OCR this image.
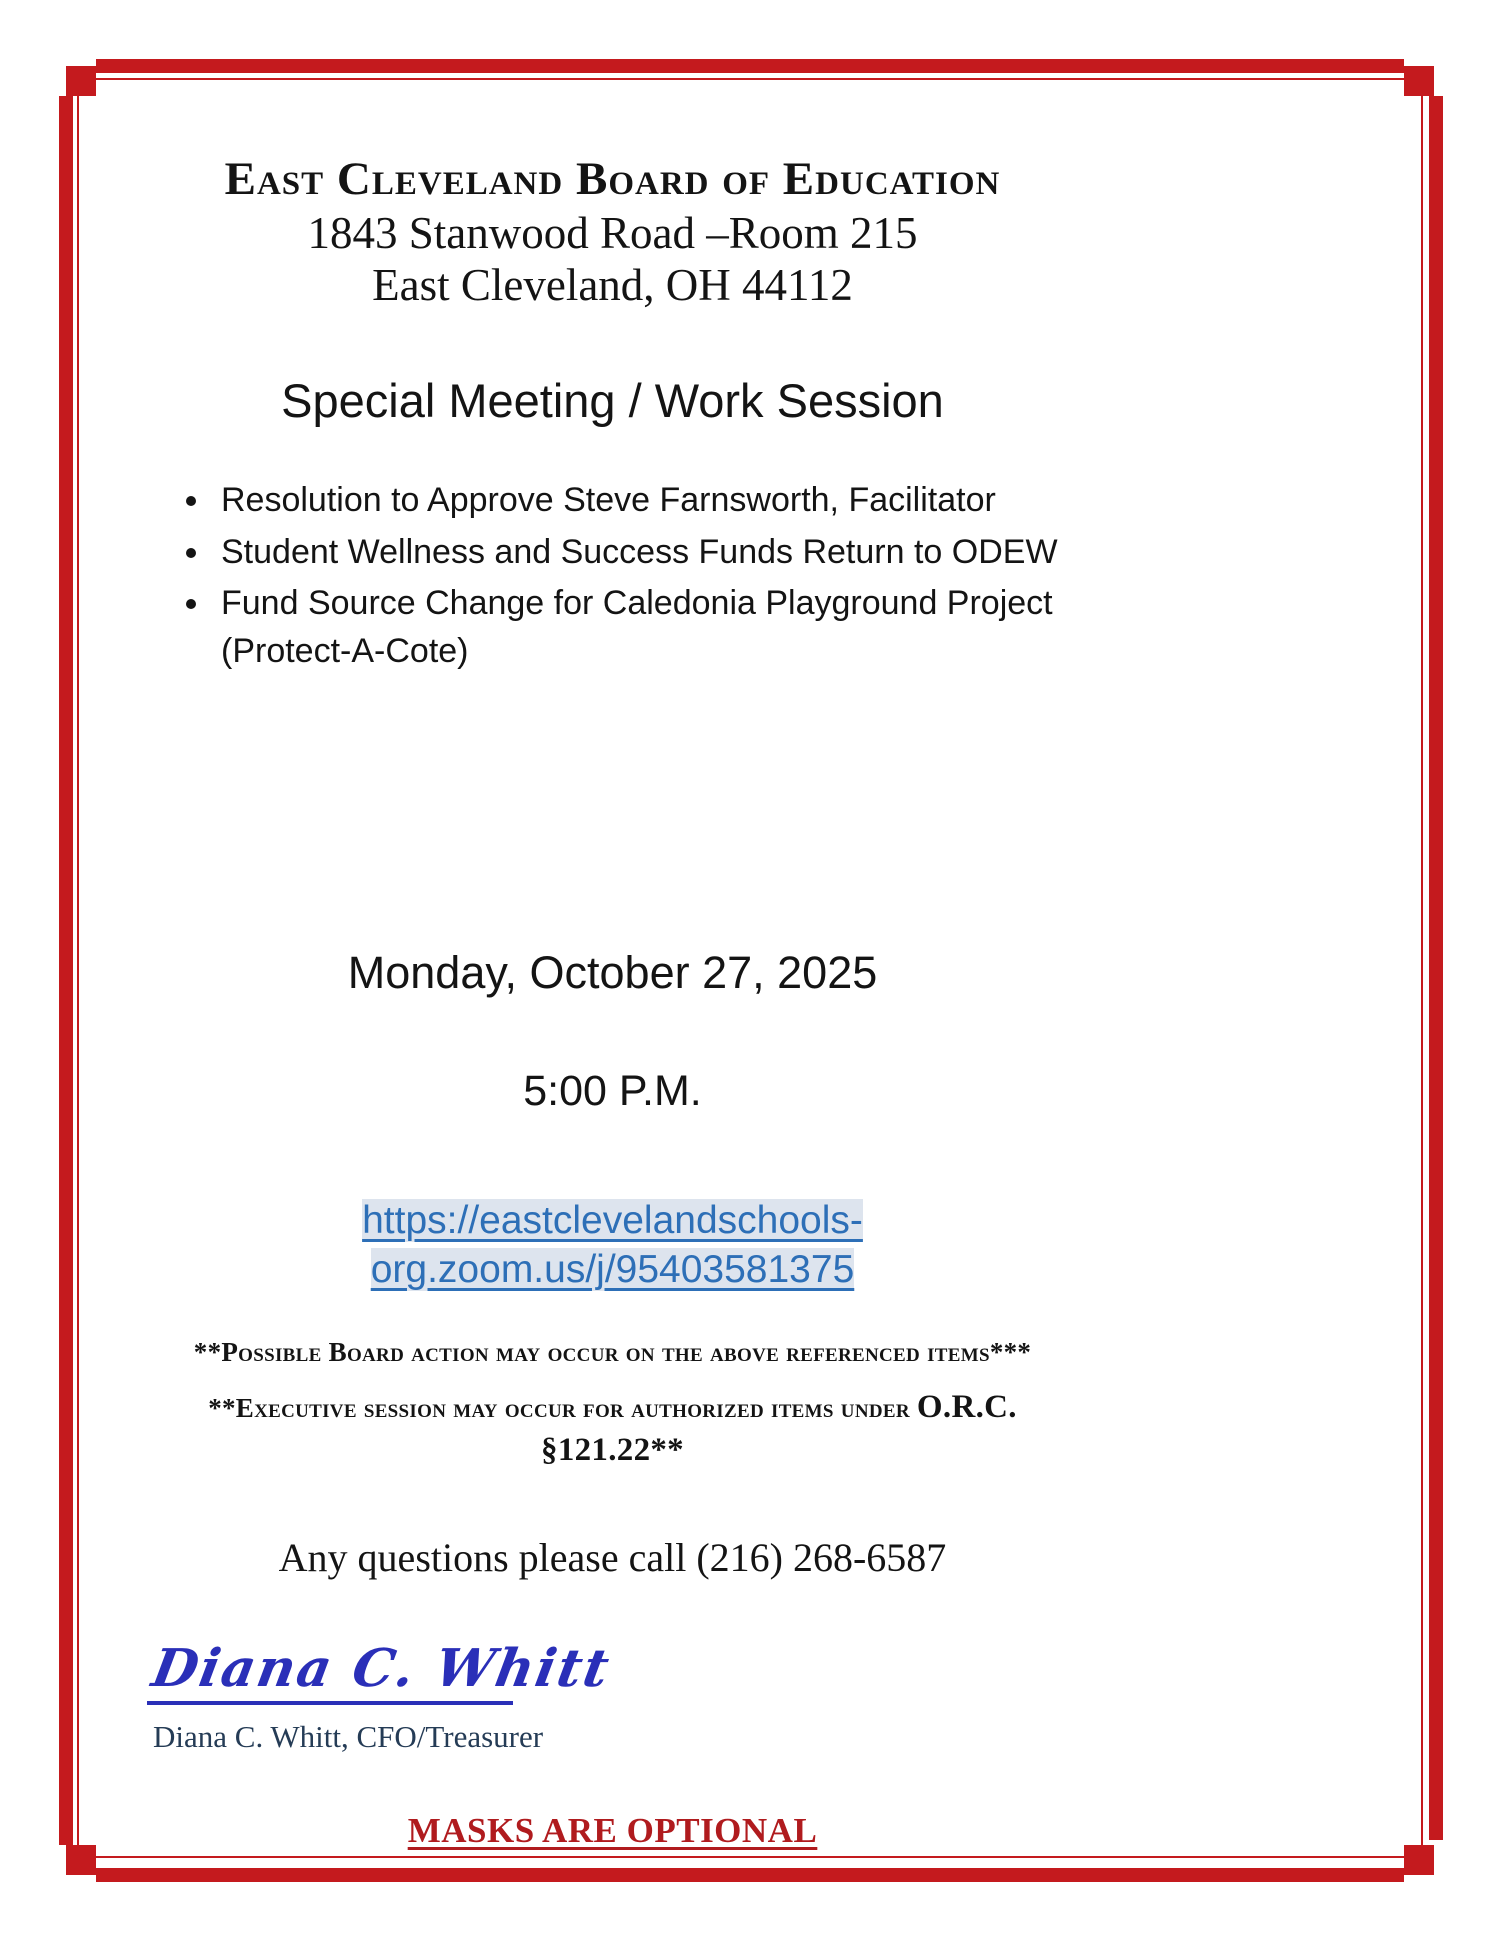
East Cleveland Board of Education
1843 Stanwood Road –Room 215
East Cleveland, OH 44112
Special Meeting / Work Session
• Resolution to Approve Steve Farnsworth, Facilitator
• Student Wellness and Success Funds Return to ODEW
• Fund Source Change for Caledonia Playground Project
(Protect-A-Cote)
Monday, October 27, 2025
5:00 P.M.
https://eastclevelandschools-org.zoom.us/j/95403581375
**Possible Board action may occur on the above referenced items***
**Executive session may occur for authorized items under O.R.C. §121.22**
Any questions please call (216) 268-6587
Diana C. Whitt
Diana C. Whitt, CFO/Treasurer
MASKS ARE OPTIONAL
